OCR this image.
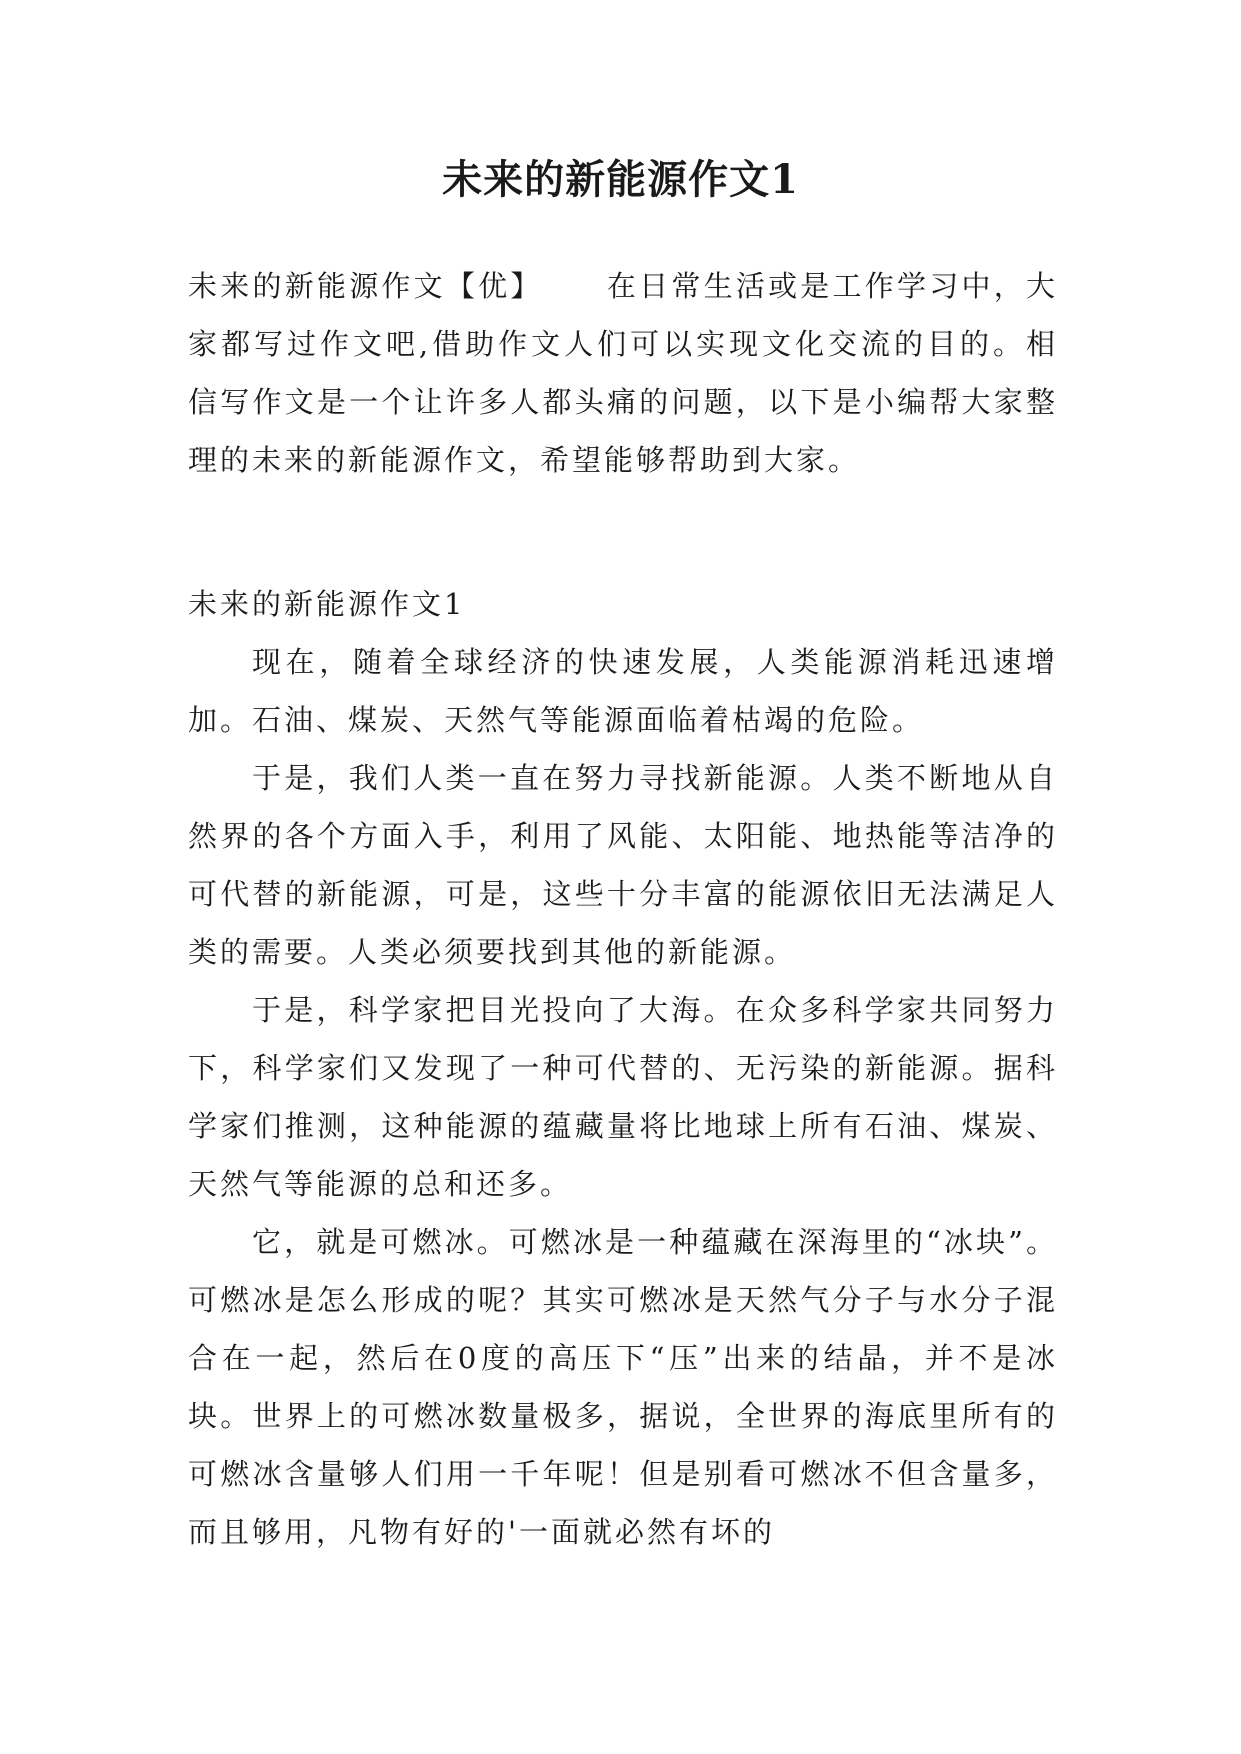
未来的新能源作文1
未来的新能源作文【优】 在日常生活或是工作学习中，大家都写过作文吧,借助作文人们可以实现文化交流的目的。相信写作文是一个让许多人都头痛的问题，以下是小编帮大家整理的未来的新能源作文，希望能够帮助到大家。
未来的新能源作文1

现在，随着全球经济的快速发展，人类能源消耗迅速增加。石油、煤炭、天然气等能源面临着枯竭的危险。

于是，我们人类一直在努力寻找新能源。人类不断地从自然界的各个方面入手，利用了风能、太阳能、地热能等洁净的可代替的新能源，可是，这些十分丰富的能源依旧无法满足人类的需要。人类必须要找到其他的新能源。

于是，科学家把目光投向了大海。在众多科学家共同努力下，科学家们又发现了一种可代替的、无污染的新能源。据科学家们推测，这种能源的蕴藏量将比地球上所有石油、煤炭、天然气等能源的总和还多。

它，就是可燃冰。可燃冰是一种蕴藏在深海里的“冰块”。可燃冰是怎么形成的呢？其实可燃冰是天然气分子与水分子混合在一起，然后在0度的高压下“压”出来的结晶，并不是冰块。世界上的可燃冰数量极多，据说，全世界的海底里所有的可燃冰含量够人们用一千年呢！但是别看可燃冰不但含量多，而且够用，凡物有好的'一面就必然有坏的
